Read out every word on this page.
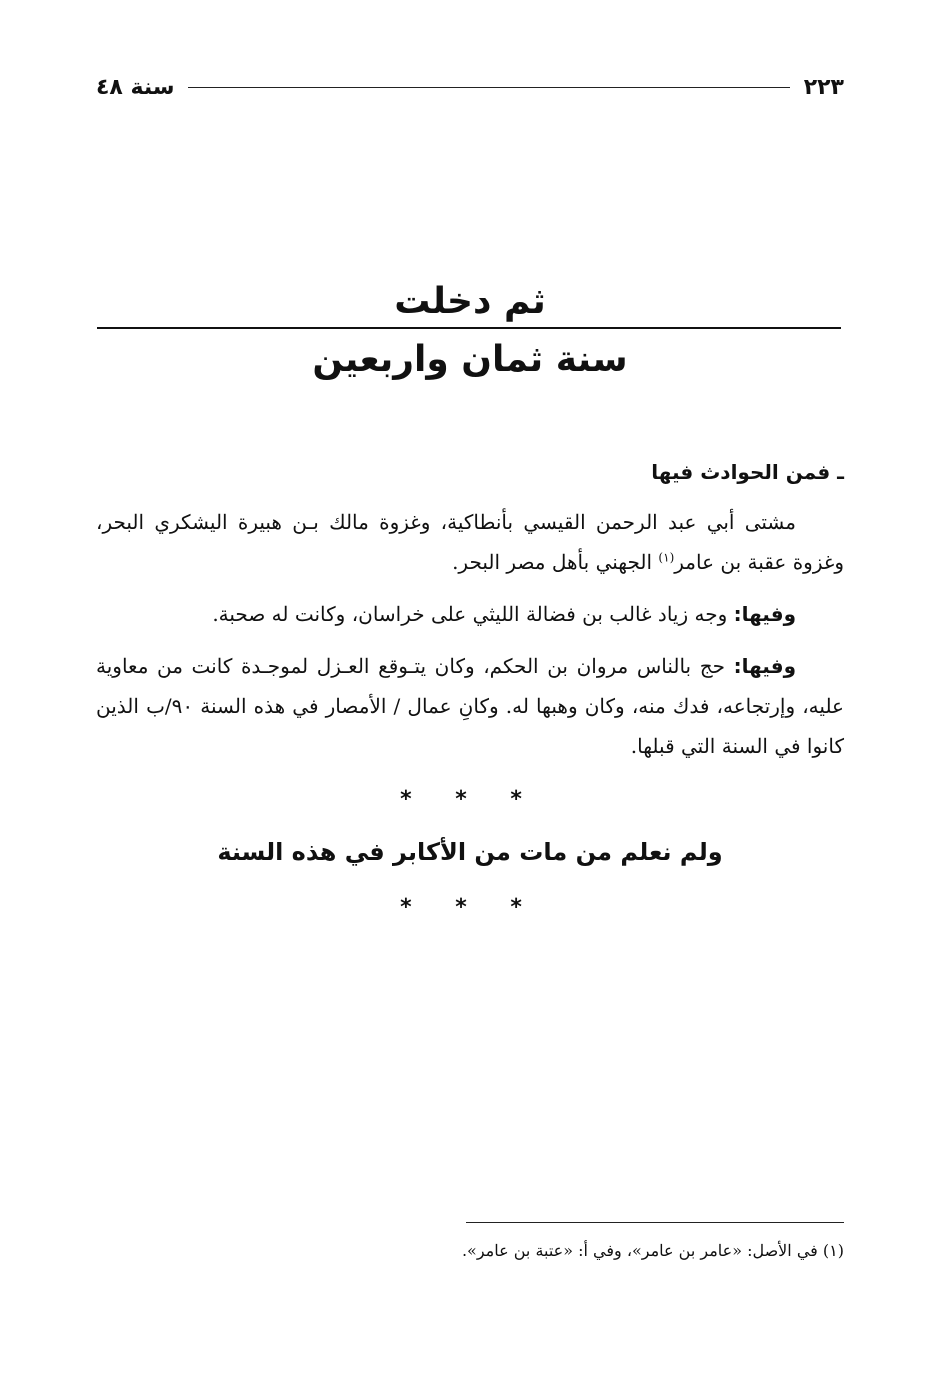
سنة ٤٨	٢٢٣
ثم دخلت
سنة ثمان واربعين

ـ فمن الحوادث فيها

مشتى أبي عبد الرحمن القيسي بأنطاكية، وغزوة مالك بـن هبيرة اليشكري البحر، وغزوة عقبة بن عامر$^{(١)}$ الجهني بأهل مصر البحر.

وفيها: وجه زياد غالب بن فضالة الليثي على خراسان، وكانت له صحبة.

وفيها: حج بالناس مروان بن الحكم، وكان يتـوقع العـزل لموجـدة كانت من معاوية عليه، وإرتجاعه، فدك منه، وكان وهبها له. وكانِ عمال / الأمصار في هذه السنة ٩٠/ب الذين كانوا في السنة التي قبلها.

* * *

ولم نعلم من مات من الأكابر في هذه السنة

* * *
(١) في الأصل: «عامر بن عامر»، وفي أ: «عتبة بن عامر».
